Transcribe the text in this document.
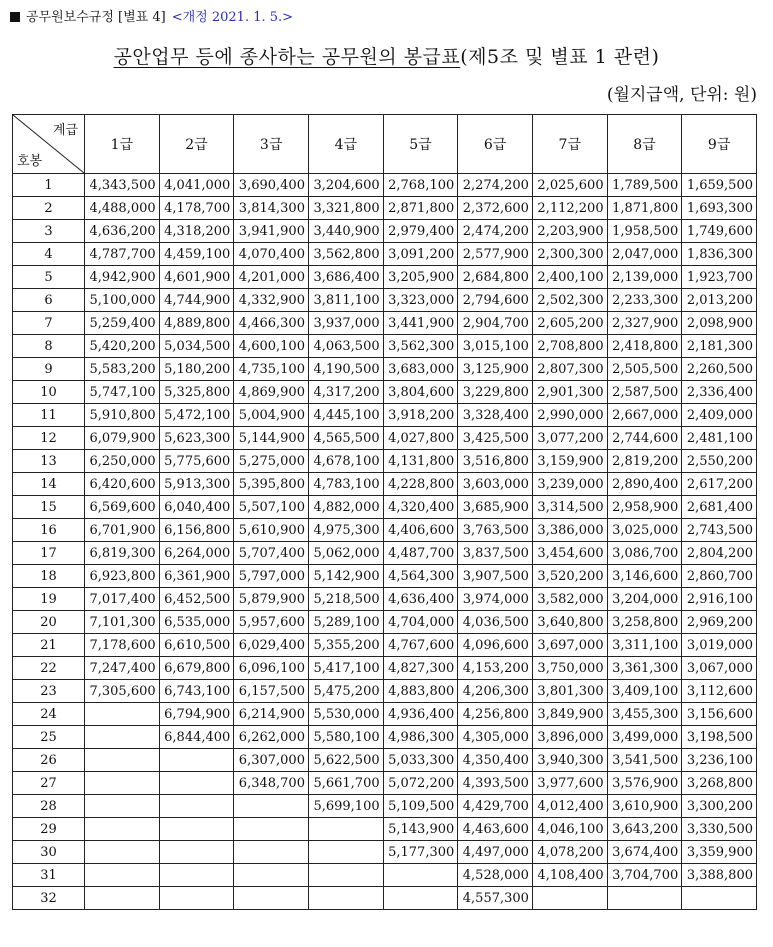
공무원보수규정 [별표 4] <개정 2021. 1. 5.>
공안업무 등에 종사하는 공무원의 봉급표(제5조 및 별표 1 관련)
(월지급액, 단위: 원)
계급
호봉	1급	2급	3급	4급	5급	6급	7급	8급	9급
1	4,343,500	4,041,000	3,690,400	3,204,600	2,768,100	2,274,200	2,025,600	1,789,500	1,659,500
2	4,488,000	4,178,700	3,814,300	3,321,800	2,871,800	2,372,600	2,112,200	1,871,800	1,693,300
3	4,636,200	4,318,200	3,941,900	3,440,900	2,979,400	2,474,200	2,203,900	1,958,500	1,749,600
4	4,787,700	4,459,100	4,070,400	3,562,800	3,091,200	2,577,900	2,300,300	2,047,000	1,836,300
5	4,942,900	4,601,900	4,201,000	3,686,400	3,205,900	2,684,800	2,400,100	2,139,000	1,923,700
6	5,100,000	4,744,900	4,332,900	3,811,100	3,323,000	2,794,600	2,502,300	2,233,300	2,013,200
7	5,259,400	4,889,800	4,466,300	3,937,000	3,441,900	2,904,700	2,605,200	2,327,900	2,098,900
8	5,420,200	5,034,500	4,600,100	4,063,500	3,562,300	3,015,100	2,708,800	2,418,800	2,181,300
9	5,583,200	5,180,200	4,735,100	4,190,500	3,683,000	3,125,900	2,807,300	2,505,500	2,260,500
10	5,747,100	5,325,800	4,869,900	4,317,200	3,804,600	3,229,800	2,901,300	2,587,500	2,336,400
11	5,910,800	5,472,100	5,004,900	4,445,100	3,918,200	3,328,400	2,990,000	2,667,000	2,409,000
12	6,079,900	5,623,300	5,144,900	4,565,500	4,027,800	3,425,500	3,077,200	2,744,600	2,481,100
13	6,250,000	5,775,600	5,275,000	4,678,100	4,131,800	3,516,800	3,159,900	2,819,200	2,550,200
14	6,420,600	5,913,300	5,395,800	4,783,100	4,228,800	3,603,000	3,239,000	2,890,400	2,617,200
15	6,569,600	6,040,400	5,507,100	4,882,000	4,320,400	3,685,900	3,314,500	2,958,900	2,681,400
16	6,701,900	6,156,800	5,610,900	4,975,300	4,406,600	3,763,500	3,386,000	3,025,000	2,743,500
17	6,819,300	6,264,000	5,707,400	5,062,000	4,487,700	3,837,500	3,454,600	3,086,700	2,804,200
18	6,923,800	6,361,900	5,797,000	5,142,900	4,564,300	3,907,500	3,520,200	3,146,600	2,860,700
19	7,017,400	6,452,500	5,879,900	5,218,500	4,636,400	3,974,000	3,582,000	3,204,000	2,916,100
20	7,101,300	6,535,000	5,957,600	5,289,100	4,704,000	4,036,500	3,640,800	3,258,800	2,969,200
21	7,178,600	6,610,500	6,029,400	5,355,200	4,767,600	4,096,600	3,697,000	3,311,100	3,019,000
22	7,247,400	6,679,800	6,096,100	5,417,100	4,827,300	4,153,200	3,750,000	3,361,300	3,067,000
23	7,305,600	6,743,100	6,157,500	5,475,200	4,883,800	4,206,300	3,801,300	3,409,100	3,112,600
24		6,794,900	6,214,900	5,530,000	4,936,400	4,256,800	3,849,900	3,455,300	3,156,600
25		6,844,400	6,262,000	5,580,100	4,986,300	4,305,000	3,896,000	3,499,000	3,198,500
26			6,307,000	5,622,500	5,033,300	4,350,400	3,940,300	3,541,500	3,236,100
27			6,348,700	5,661,700	5,072,200	4,393,500	3,977,600	3,576,900	3,268,800
28				5,699,100	5,109,500	4,429,700	4,012,400	3,610,900	3,300,200
29					5,143,900	4,463,600	4,046,100	3,643,200	3,330,500
30					5,177,300	4,497,000	4,078,200	3,674,400	3,359,900
31						4,528,000	4,108,400	3,704,700	3,388,800
32						4,557,300			
